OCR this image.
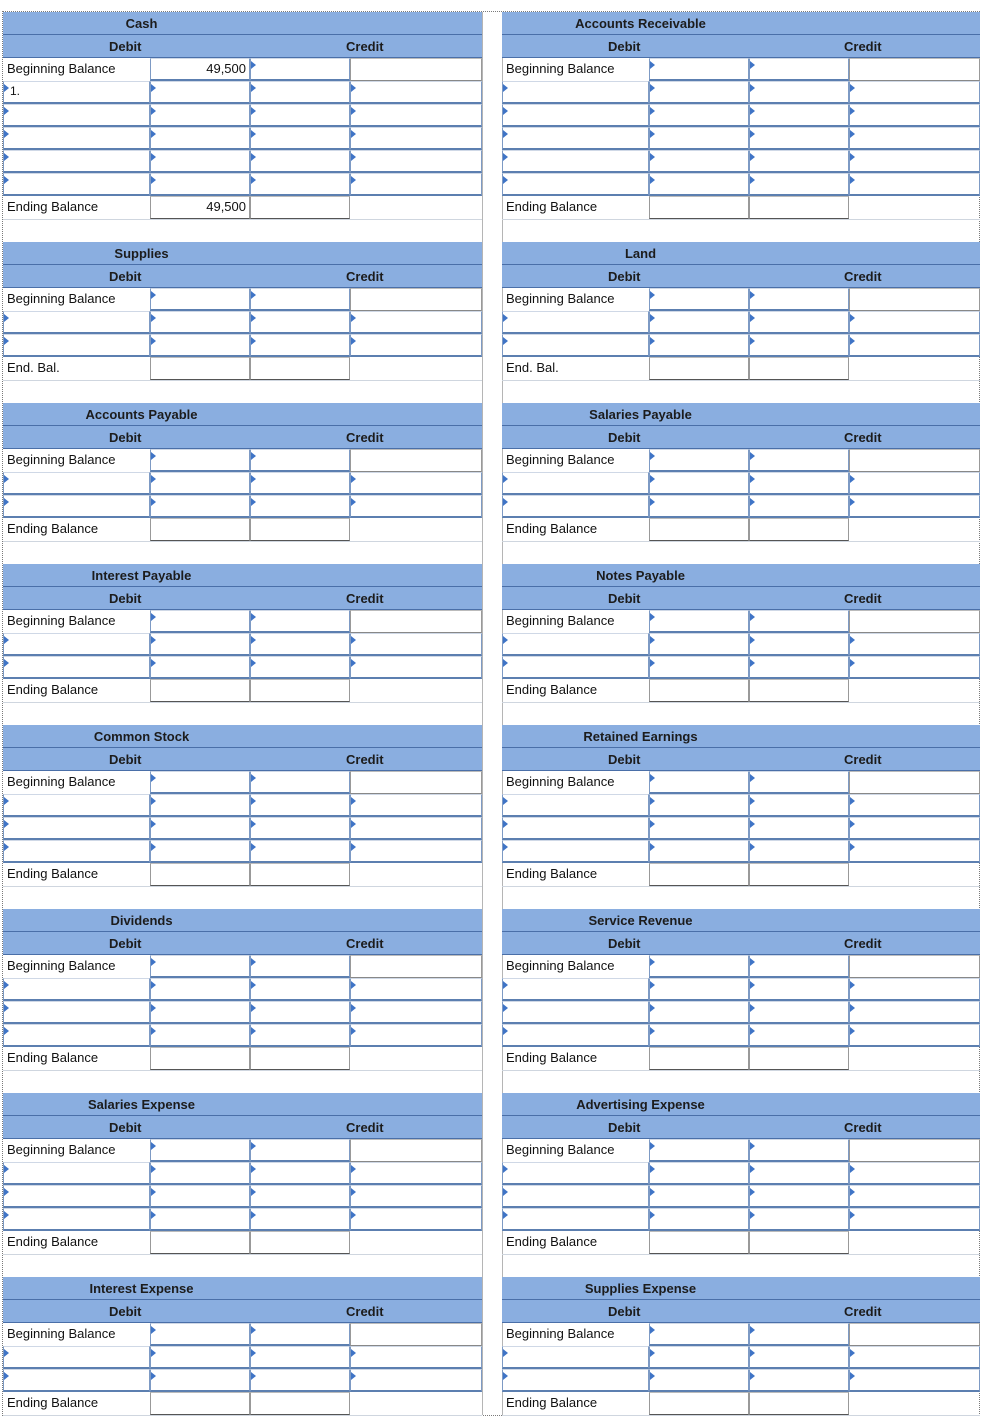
Cash
Debit	Credit
Beginning Balance	49,500
1.
Ending Balance	49,500
Accounts Receivable
Debit	Credit
Beginning Balance
Ending Balance
Supplies
Debit	Credit
Beginning Balance
End. Bal.
Land
Debit	Credit
Beginning Balance
End. Bal.
Accounts Payable
Debit	Credit
Beginning Balance
Ending Balance
Salaries Payable
Debit	Credit
Beginning Balance
Ending Balance
Interest Payable
Debit	Credit
Beginning Balance
Ending Balance
Notes Payable
Debit	Credit
Beginning Balance
Ending Balance
Common Stock
Debit	Credit
Beginning Balance
Ending Balance
Retained Earnings
Debit	Credit
Beginning Balance
Ending Balance
Dividends
Debit	Credit
Beginning Balance
Ending Balance
Service Revenue
Debit	Credit
Beginning Balance
Ending Balance
Salaries Expense
Debit	Credit
Beginning Balance
Ending Balance
Advertising Expense
Debit	Credit
Beginning Balance
Ending Balance
Interest Expense
Debit	Credit
Beginning Balance
Ending Balance
Supplies Expense
Debit	Credit
Beginning Balance
Ending Balance
